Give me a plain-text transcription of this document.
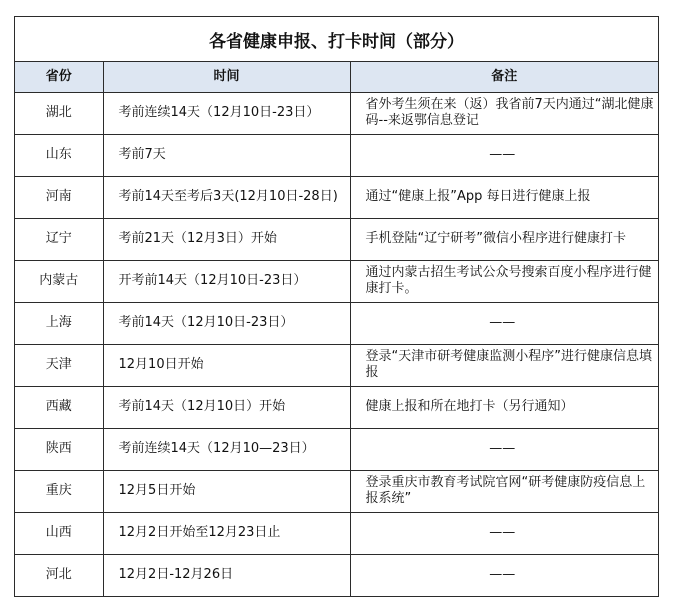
各省健康申报、打卡时间（部分）
省份	时间	备注
湖北	考前连续14天（12月10日-23日）	省外考生须在来（返）我省前7天内通过“湖北健康码--来返鄂信息登记
山东	考前7天	——
河南	考前14天至考后3天(12月10日-28日)	通过“健康上报”App 每日进行健康上报
辽宁	考前21天（12月3日）开始	手机登陆“辽宁研考”微信小程序进行健康打卡
内蒙古	开考前14天（12月10日-23日）	通过内蒙古招生考试公众号搜索百度小程序进行健康打卡。
上海	考前14天（12月10日-23日）	——
天津	12月10日开始	登录“天津市研考健康监测小程序”进行健康信息填报
西藏	考前14天（12月10日）开始	健康上报和所在地打卡（另行通知）
陕西	考前连续14天（12月10—23日）	——
重庆	12月5日开始	登录重庆市教育考试院官网“研考健康防疫信息上报系统”
山西	12月2日开始至12月23日止	——
河北	12月2日-12月26日	——
